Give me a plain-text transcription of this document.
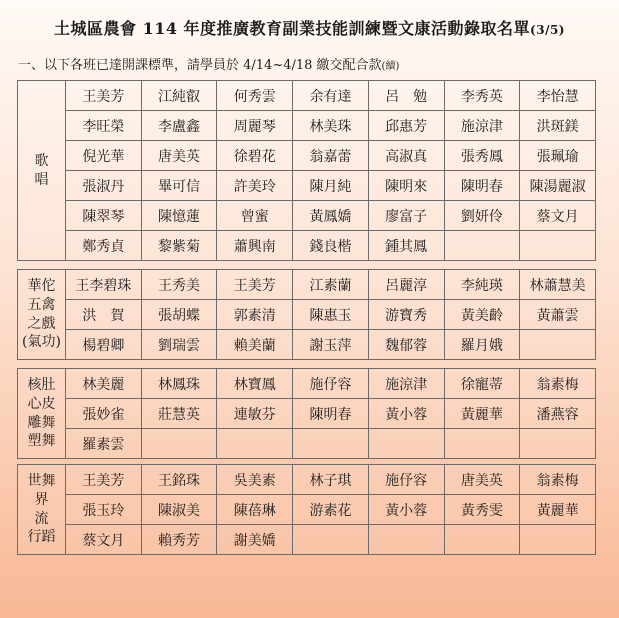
土城區農會 114 年度推廣教育副業技能訓練暨文康活動錄取名單(3/5)
一、以下各班已達開課標準，請學員於 4/14~4/18 繳交配合款(續)
歌
唱	王美芳	江純叡	何秀雲	余有達	呂　勉	李秀英	李怡慧
	李旺榮	李盧鑫	周麗琴	林美珠	邱惠芳	施涼津	洪斑鎂
	倪光華	唐美英	徐碧花	翁嘉蕾	高淑真	張秀鳳	張珮瑜
	張淑丹	畢可信	許美玲	陳月純	陳明來	陳明春	陳湯麗淑
	陳翠琴	陳憶蓮	曾蜜	黃鳳嬌	廖富子	劉妍伶	蔡文月
	鄭秀貞	黎紫菊	蕭興南	錢良楷	鍾其鳳		
華佗
五禽
之戲
(氣功)	王李碧珠	王秀美	王美芳	江素蘭	呂麗淳	李純瑛	林蕭慧美
	洪　賀	張胡蝶	郭素清	陳惠玉	游寶秀	黃美齡	黃蕭雲
	楊碧卿	劉瑞雲	賴美蘭	謝玉萍	魏郁蓉	羅月娥	
核肚
心皮
雕舞
塑舞	林美麗	林鳳珠	林寶鳳	施伃容	施涼津	徐寵蒂	翁素梅
	張妙雀	莊慧英	連敏芬	陳明春	黃小蓉	黃麗華	潘燕容
	羅素雲						
世舞
界
流
行蹈	王美芳	王銘珠	吳美素	林子琪	施伃容	唐美英	翁素梅
	張玉玲	陳淑美	陳蓓琳	游素花	黃小蓉	黃秀雯	黃麗華
	蔡文月	賴秀芳	謝美嬌				
